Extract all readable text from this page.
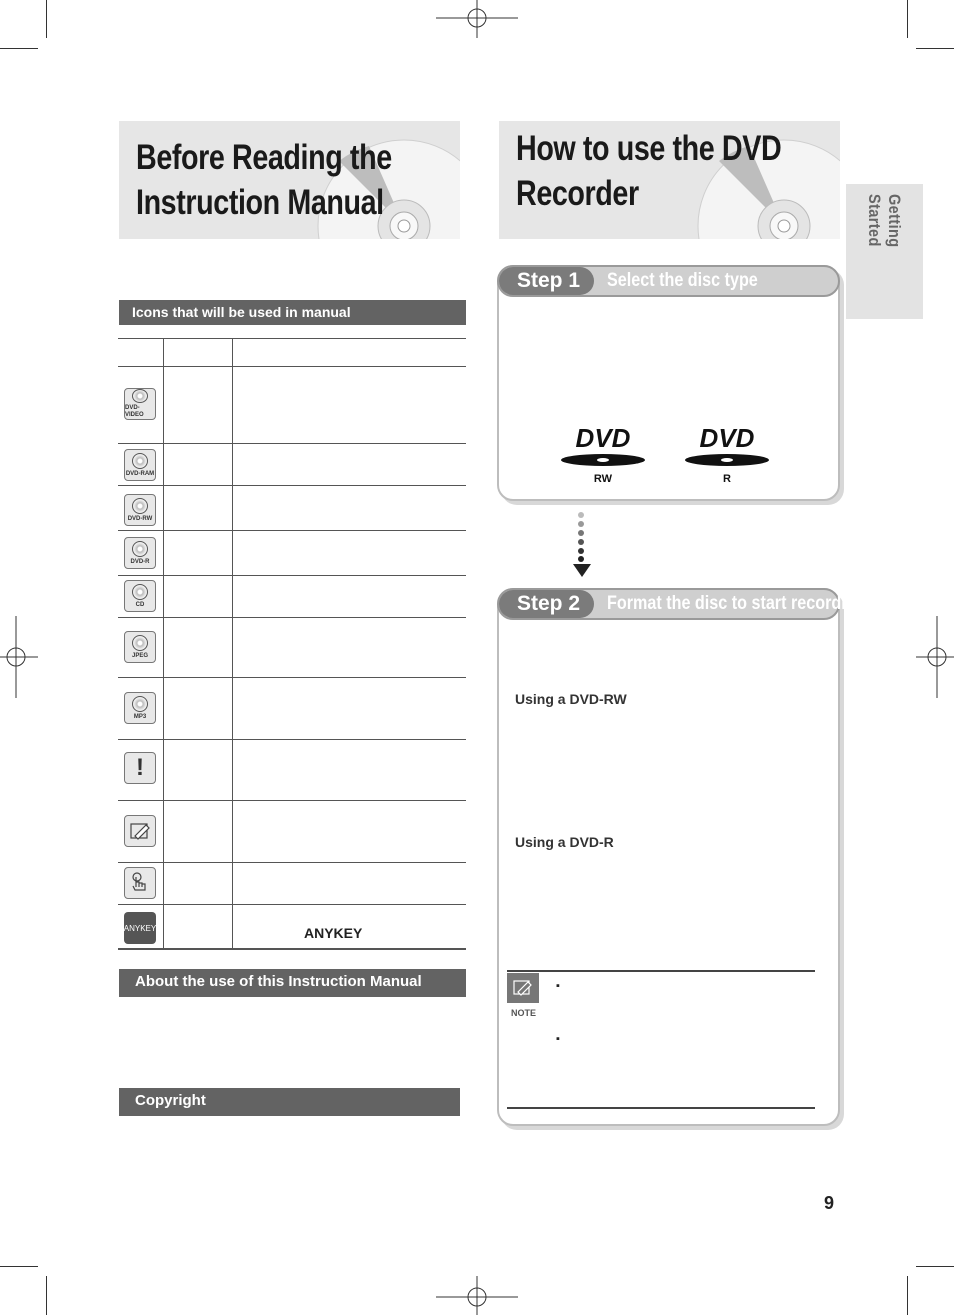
Before Reading the
Instruction Manual
How to use the DVD
Recorder
Getting Started
Icons that will be used in manual
DVD-VIDEO
DVD-RAM
DVD-RW
DVD-R
CD
JPEG
MP3
!
ANYKEY	ANYKEY
About the use of this Instruction Manual
Copyright
DVD
RW
DVD
R
Step 1	Select the disc type
Using a DVD-RW
Using a DVD-R
NOTE
▪
▪
Step 2	Format the disc to start recording
9
